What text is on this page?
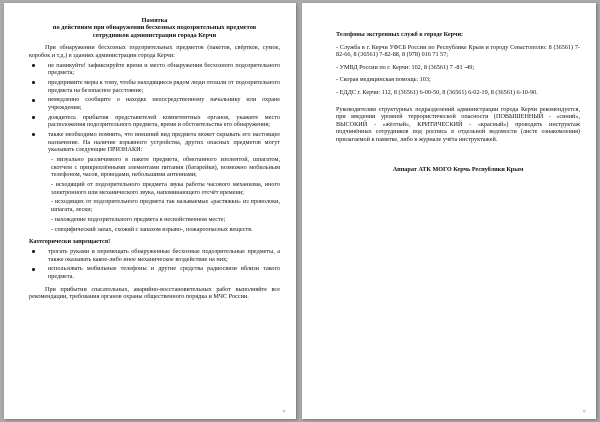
Памятка

по действиям при обнаружении бесхозных подозрительных предметов

сотрудников администрации города Керчи

При обнаружении бесхозных подозрительных предметов (пакетов, свёртков, сумок, коробок и т.д.) в зданиях администрации города Керчи:

не паникуйте! зафиксируйте время и место обнаружения бесхозного подозрительного предмета;
предпримите меры к тому, чтобы находящиеся рядом люди отошли от подозрительного предмета на безопасное расстояние;
немедленно сообщите о находке непосредственному начальнику или охране учреждения;
дождитесь прибытия представителей компетентных органов, укажите место расположения подозрительного предмета, время и обстоятельства его обнаружения;
также необходимо помнить, что внешний вид предмета может скрывать его настоящее назначение. На наличие взрывного устройства, других опасных предметов могут указывать следующие ПРИЗНАКИ:

- визуально различимого в пакете предмета, обмотанного изолентой, шпагатом, скотчем с прикреплёнными элементами питания (батарейки), возможно мобильным телефоном, часов, проводами, небольшими антеннами;

- исходящий от подозрительного предмета звука работы часового механизма, иного электронного или механического звука, напоминающего отсчёт времени;

- исходящих от подозрительного предмета так называемые «растяжки» из проволоки, шпагата, лески;

- нахождение подозрительного предмета в несвойственном месте;

- специфический запах, схожий с запахом взрыво-, пожароопасных веществ.

Категорически запрещается!

трогать руками и перемещать обнаруженные бесхозные подозрительные предметы, а также оказывать какое-либо иное механическое воздействие на них;
использовать мобильные телефоны и другие средства радиосвязи вблизи такого предмета.

При прибытии спасательных, аварийно-восстановительных работ выполняйте все рекомендации, требования органов охраны общественного порядка и МЧС России.

»

Телефоны экстренных служб в городе Керчи:

- Служба в г. Керчи УФСБ России по Республике Крым и городу Севастополю: 8 (36561) 7-82-66, 8 (36561) 7-82-88, 8 (978) 016 71 57;

- УМВД России по г. Керчи: 102, 8 (36561) 7 -81 -49;

- Скорая медицинская помощь: 103;

- ЕДДС г. Керчи: 112, 8 (36561) 6-00-50, 8 (36561) 6-02-19, 8 (36561) 6-10-90.

Руководителям структурных подразделений администрации города Керчи рекомендуется, при введении уровней террористической опасности (ПОВЫШЕННЫЙ - «синий», ВЫСОКИЙ - «жёлтый», КРИТИЧЕСКИЙ - «красный») проводить инструктаж подчинённых сотрудников под роспись в отдельной ведомости (листе ознакомления) прилагаемой к памятке, либо в журнале учёта инструктажей.

Аппарат АТК МОГО Керчь Республики Крым

»
